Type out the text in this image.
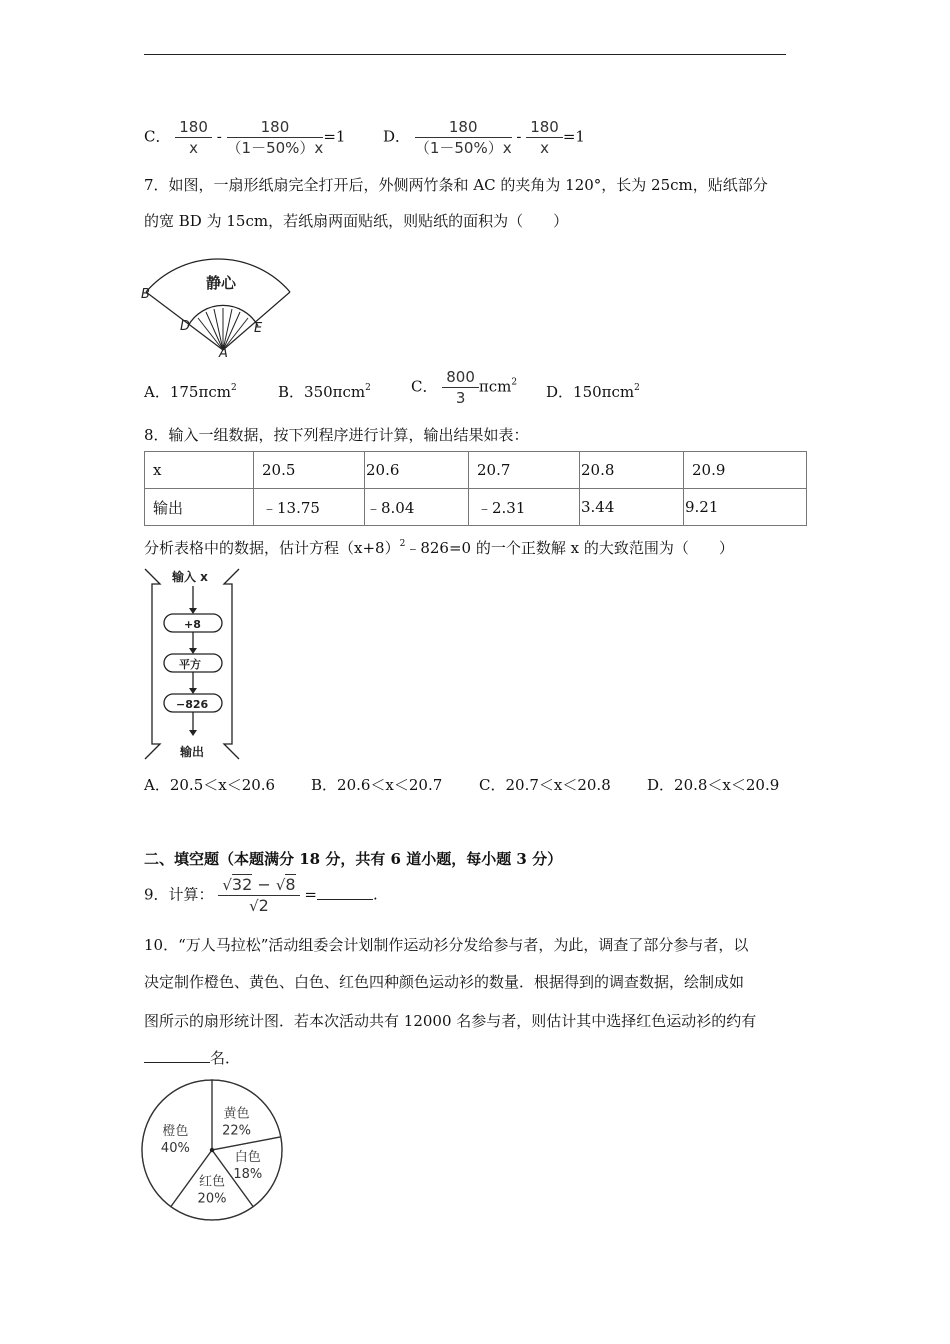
C． $\frac{180}{x} - \frac{180}{(1-50\%)x} =1$	D． $\frac{180}{(1-50\%)x} - \frac{180}{x} =1$
7．如图，一扇形纸扇完全打开后，外侧两竹条和 AC 的夹角为 120°，长为 25cm，贴纸部分
的宽 BD 为 15cm，若纸扇两面贴纸，则贴纸的面积为（　　）
静心
B
D	E
A
A．175πcm$^2$	B．350πcm$^2$	C． $\frac{800}{3} \pi cm^2$
D．150πcm$^2$
8．输入一组数据，按下列程序进行计算，输出结果如表：
x	20.5	20.6	20.7	20.8	20.9
输出	﹣13.75	﹣8.04	﹣2.31	3.44	9.21
分析表格中的数据，估计方程$(x+8)^2﹣826=0$ 的一个正数解 x 的大致范围为（　　）
输入 x
+8
平方
−826
输出
A．20.5＜x＜20.6 B．20.6＜x＜20.7 C．20.7＜x＜20.8 D．20.8＜x＜20.9
二、填空题（本题满分 18 分，共有 6 道小题，每小题 3 分）
9．计算： $\frac{√32 - √8}{√2}$ =	.
10．“万人马拉松”活动组委会计划制作运动衫分发给参与者，为此，调查了部分参与者，以
决定制作橙色、黄色、白色、红色四种颜色运动衫的数量．根据得到的调查数据，绘制成如
图所示的扇形统计图．若本次活动共有 12000 名参与者，则估计其中选择红色运动衫的约有
名．
黄色
22%
白色
18%
红色
20%
橙色
40%
